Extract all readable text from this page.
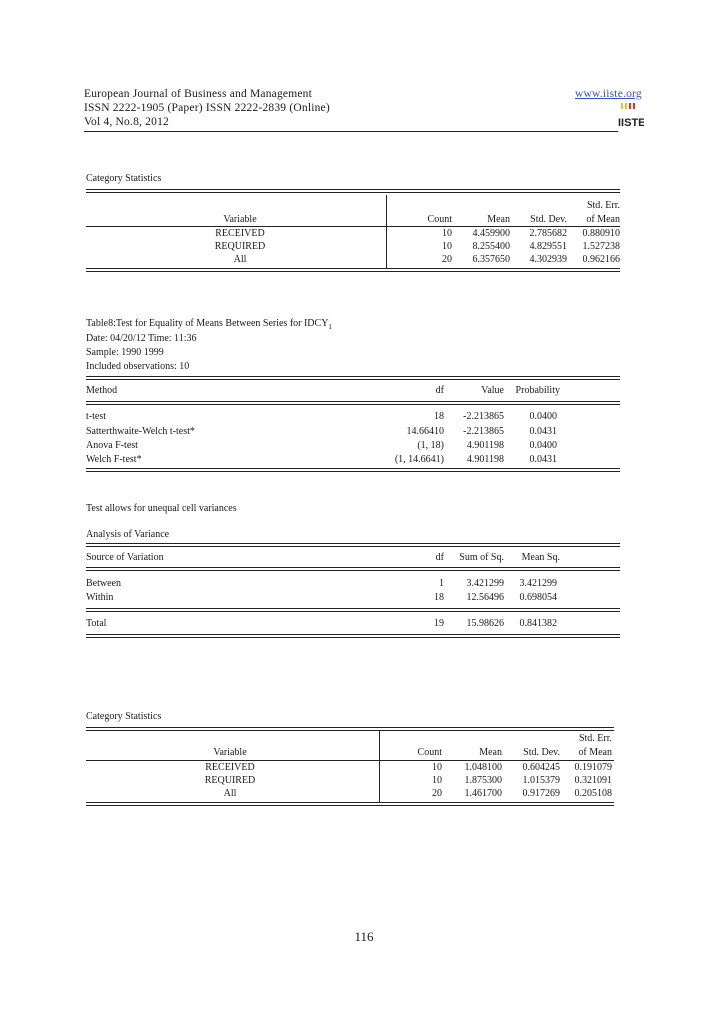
European Journal of Business and Management
ISSN 2222-1905 (Paper) ISSN 2222-2839 (Online)
Vol 4, No.8, 2012
www.iiste.org
IISTE
Category Statistics
Std. Err.
Variable	Count	Mean	Std. Dev.	of Mean
RECEIVED	10	4.459900	2.785682	0.880910
REQUIRED	10	8.255400	4.829551	1.527238
All	20	6.357650	4.302939	0.962166
Table8:Test for Equality of Means Between Series for $IDCY_1$
Date: 04/20/12 Time: 11:36
Sample: 1990 1999
Included observations: 10
Method	df	Value	Probability
t-test	18	-2.213865	0.0400
Satterthwaite-Welch t-test*	14.66410	-2.213865	0.0431
Anova F-test	(1, 18)	4.901198	0.0400
Welch F-test*	(1, 14.6641)	4.901198	0.0431
Test allows for unequal cell variances
Analysis of Variance
Source of Variation	df	Sum of Sq.	Mean Sq.
Between	1	3.421299	3.421299
Within	18	12.56496	0.698054
Total	19	15.98626	0.841382
Category Statistics
Std. Err.
Variable	Count	Mean	Std. Dev.	of Mean
RECEIVED	10	1.048100	0.604245	0.191079
REQUIRED	10	1.875300	1.015379	0.321091
All	20	1.461700	0.917269	0.205108
116
